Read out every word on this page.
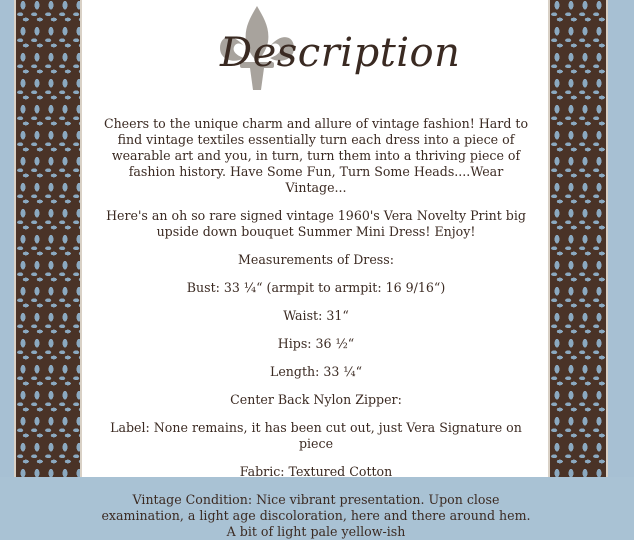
Description

Cheers to the unique charm and allure of vintage fashion! Hard to find vintage textiles essentially turn each dress into a piece of wearable art and you, in turn, turn them into a thriving piece of fashion history. Have Some Fun, Turn Some Heads....Wear Vintage...

Here's an oh so rare signed vintage 1960's Vera Novelty Print big upside down bouquet Summer Mini Dress! Enjoy!

Measurements of Dress:

Bust: 33 ¼“ (armpit to armpit: 16 9/16“)

Waist: 31“

Hips: 36 ½“

Length: 33 ¼“

Center Back Nylon Zipper:

Label: None remains, it has been cut out, just Vera Signature on piece

Fabric: Textured Cotton

Vintage Condition: Nice vibrant presentation. Upon close examination, a light age discoloration, here and there around hem. A bit of light pale yellow-ish
